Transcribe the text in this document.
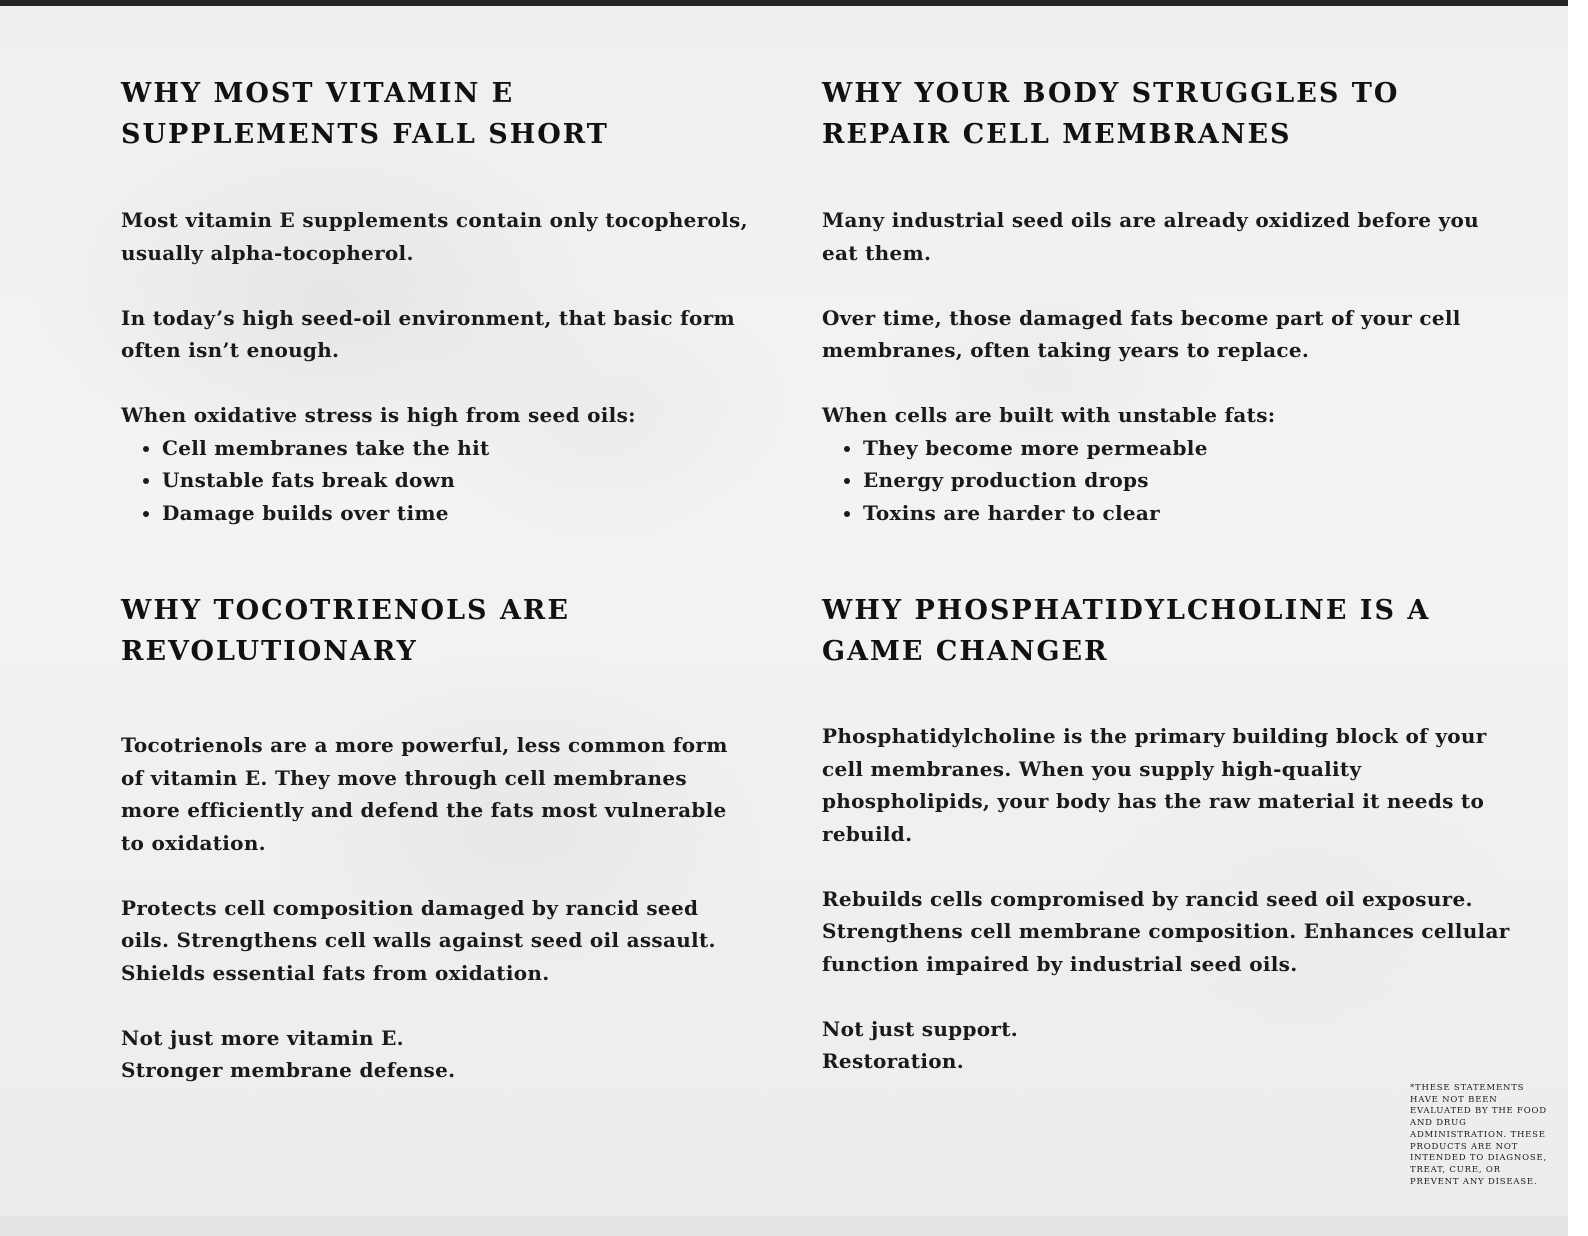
WHY MOST VITAMIN E SUPPLEMENTS FALL SHORT

Most vitamin E supplements contain only tocopherols, usually alpha-tocopherol.

In today’s high seed-oil environment, that basic form often isn’t enough.

When oxidative stress is high from seed oils:

• Cell membranes take the hit
• Unstable fats break down
• Damage builds over time
WHY YOUR BODY STRUGGLES TO REPAIR CELL MEMBRANES

Many industrial seed oils are already oxidized before you eat them.

Over time, those damaged fats become part of your cell membranes, often taking years to replace.

When cells are built with unstable fats:

• They become more permeable
• Energy production drops
• Toxins are harder to clear
WHY TOCOTRIENOLS ARE REVOLUTIONARY

Tocotrienols are a more powerful, less common form of vitamin E. They move through cell membranes more efficiently and defend the fats most vulnerable to oxidation.

Protects cell composition damaged by rancid seed oils. Strengthens cell walls against seed oil assault. Shields essential fats from oxidation.

Not just more vitamin E.
Stronger membrane defense.

WHY PHOSPHATIDYLCHOLINE IS A GAME CHANGER

Phosphatidylcholine is the primary building block of your cell membranes. When you supply high-quality phospholipids, your body has the raw material it needs to rebuild.

Rebuilds cells compromised by rancid seed oil exposure. Strengthens cell membrane composition. Enhances cellular function impaired by industrial seed oils.

Not just support.
Restoration.

*THESE STATEMENTS HAVE NOT BEEN EVALUATED BY THE FOOD AND DRUG ADMINISTRATION. THESE PRODUCTS ARE NOT INTENDED TO DIAGNOSE, TREAT, CURE, OR PREVENT ANY DISEASE.
